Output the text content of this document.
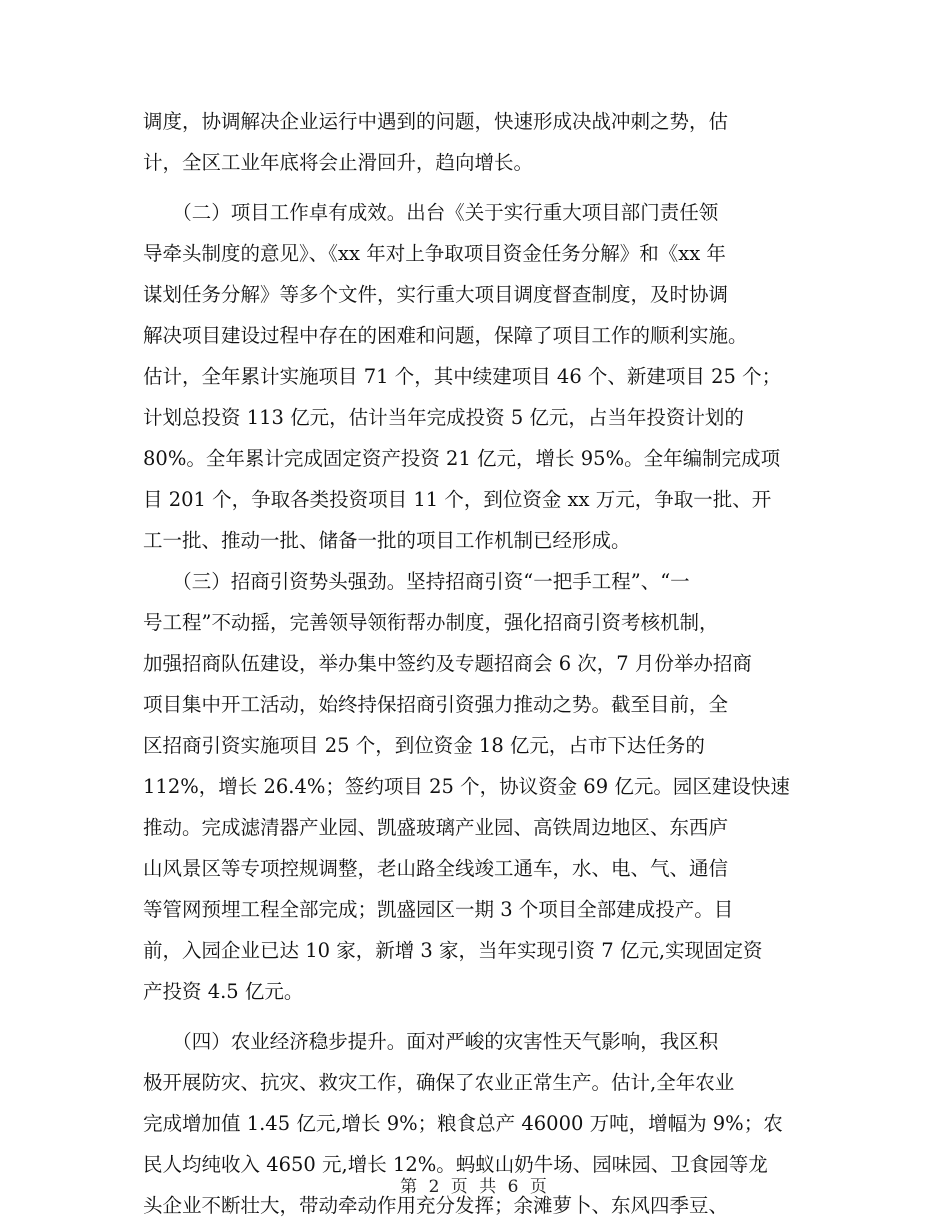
调度，协调解决企业运行中遇到的问题，快速形成决战冲刺之势，估
计，全区工业年底将会止滑回升，趋向增长。
　　（二）项目工作卓有成效。出台《关于实行重大项目部门责任领
导牵头制度的意见》、《xx 年对上争取项目资金任务分解》和《xx 年
谋划任务分解》等多个文件，实行重大项目调度督查制度，及时协调
解决项目建设过程中存在的困难和问题，保障了项目工作的顺利实施。
估计，全年累计实施项目 71 个，其中续建项目 46 个、新建项目 25 个；
计划总投资 113 亿元，估计当年完成投资 5 亿元，占当年投资计划的
80%。全年累计完成固定资产投资 21 亿元，增长 95%。全年编制完成项
目 201 个，争取各类投资项目 11 个，到位资金 xx 万元，争取一批、开
工一批、推动一批、储备一批的项目工作机制已经形成。
　　（三）招商引资势头强劲。坚持招商引资“一把手工程”、“一
号工程”不动摇，完善领导领衔帮办制度，强化招商引资考核机制，
加强招商队伍建设，举办集中签约及专题招商会 6 次，7 月份举办招商
项目集中开工活动，始终持保招商引资强力推动之势。截至目前，全
区招商引资实施项目 25 个，到位资金 18 亿元，占市下达任务的
112%，增长 26.4%；签约项目 25 个，协议资金 69 亿元。园区建设快速
推动。完成滤清器产业园、凯盛玻璃产业园、高铁周边地区、东西庐
山风景区等专项控规调整，老山路全线竣工通车，水、电、气、通信
等管网预埋工程全部完成；凯盛园区一期 3 个项目全部建成投产。目
前，入园企业已达 10 家，新增 3 家，当年实现引资 7 亿元,实现固定资
产投资 4.5 亿元。
　　（四）农业经济稳步提升。面对严峻的灾害性天气影响，我区积
极开展防灾、抗灾、救灾工作，确保了农业正常生产。估计,全年农业
完成增加值 1.45 亿元,增长 9%；粮食总产 46000 万吨，增幅为 9%；农
民人均纯收入 4650 元,增长 12%。蚂蚁山奶牛场、园味园、卫食园等龙
头企业不断壮大，带动牵动作用充分发挥；余滩萝卜、东风四季豆、
第 2 页 共 6 页
